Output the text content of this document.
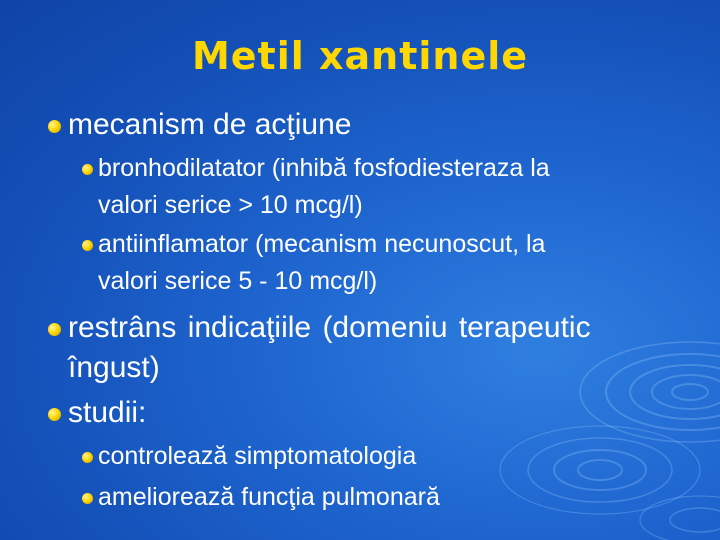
Metil xantinele
mecanism de acţiune
bronhodilatator (inhibă fosfodiesteraza la
valori serice > 10 mcg/l)
antiinflamator (mecanism necunoscut, la
valori serice 5 - 10 mcg/l)
restrâns indicaţiile (domeniu terapeutic
îngust)
studii:
controlează simptomatologia
ameliorează funcţia pulmonară
